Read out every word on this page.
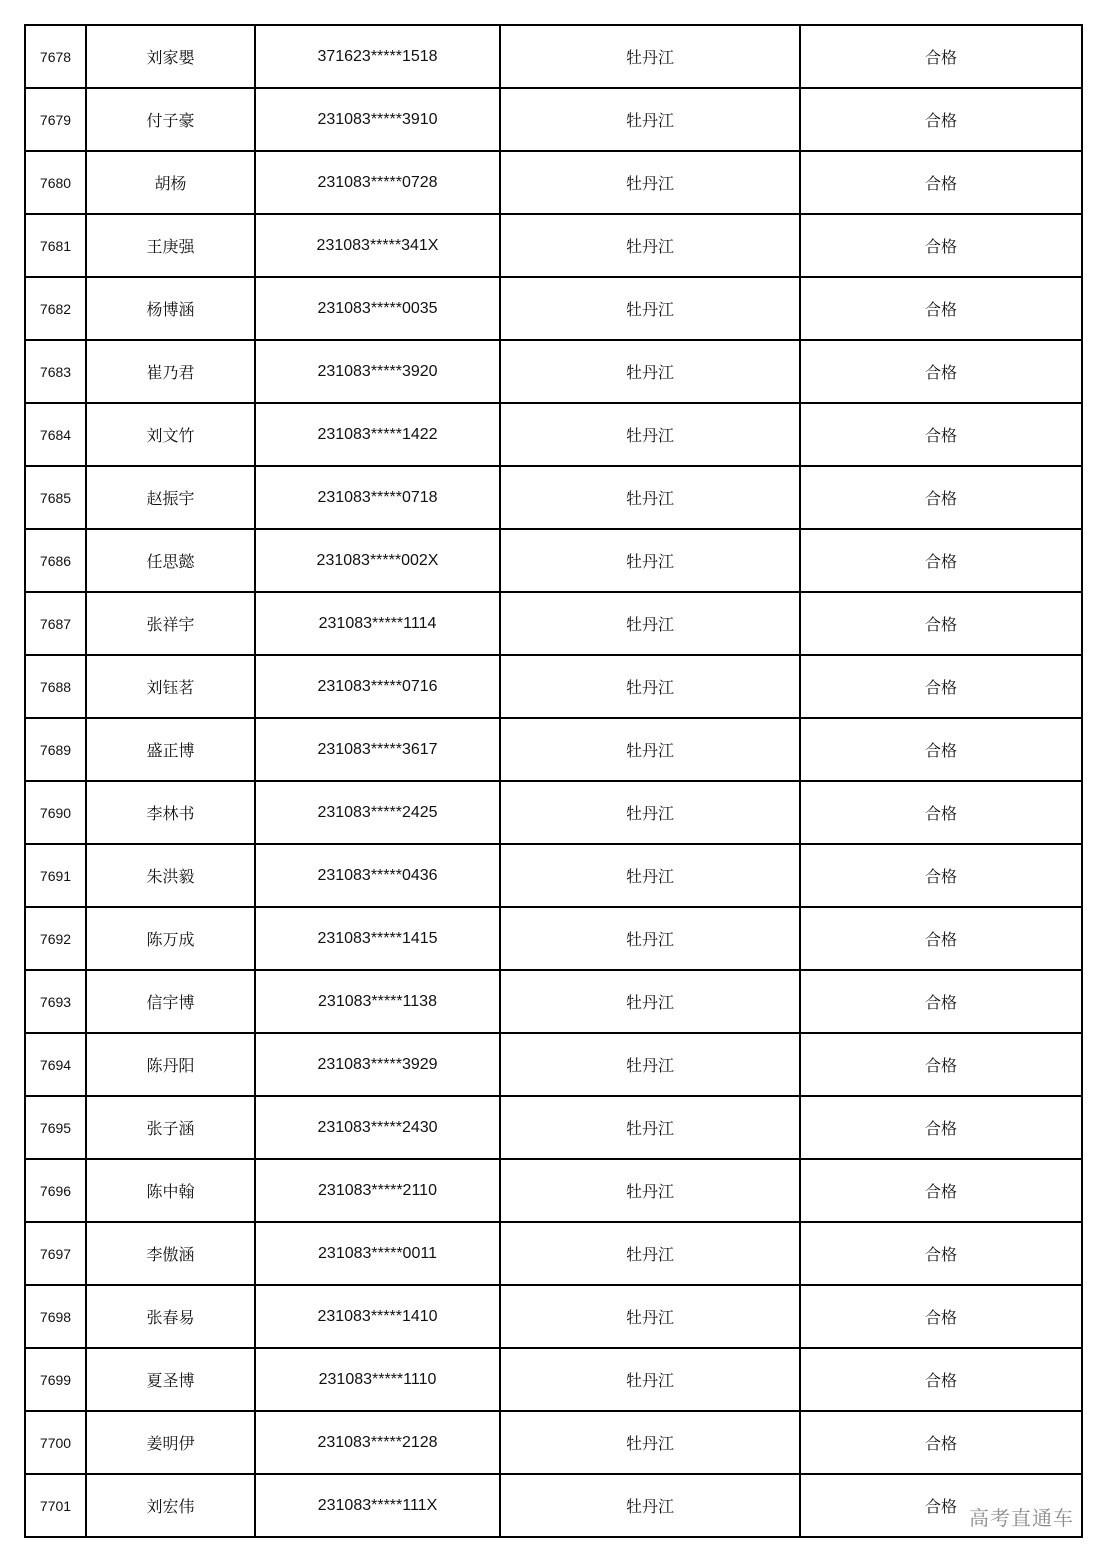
7678	刘家嬰	371623*****1518	牡丹江	合格
7679	付子豪	231083*****3910	牡丹江	合格
7680	胡杨	231083*****0728	牡丹江	合格
7681	王庚强	231083*****341X	牡丹江	合格
7682	杨博涵	231083*****0035	牡丹江	合格
7683	崔乃君	231083*****3920	牡丹江	合格
7684	刘文竹	231083*****1422	牡丹江	合格
7685	赵振宇	231083*****0718	牡丹江	合格
7686	任思懿	231083*****002X	牡丹江	合格
7687	张祥宇	231083*****1114	牡丹江	合格
7688	刘钰茗	231083*****0716	牡丹江	合格
7689	盛正博	231083*****3617	牡丹江	合格
7690	李林书	231083*****2425	牡丹江	合格
7691	朱洪毅	231083*****0436	牡丹江	合格
7692	陈万成	231083*****1415	牡丹江	合格
7693	信宇博	231083*****1138	牡丹江	合格
7694	陈丹阳	231083*****3929	牡丹江	合格
7695	张子涵	231083*****2430	牡丹江	合格
7696	陈中翰	231083*****2110	牡丹江	合格
7697	李傲涵	231083*****0011	牡丹江	合格
7698	张春易	231083*****1410	牡丹江	合格
7699	夏圣博	231083*****1110	牡丹江	合格
7700	姜明伊	231083*****2128	牡丹江	合格
7701	刘宏伟	231083*****111X	牡丹江	合格 高考直通车
